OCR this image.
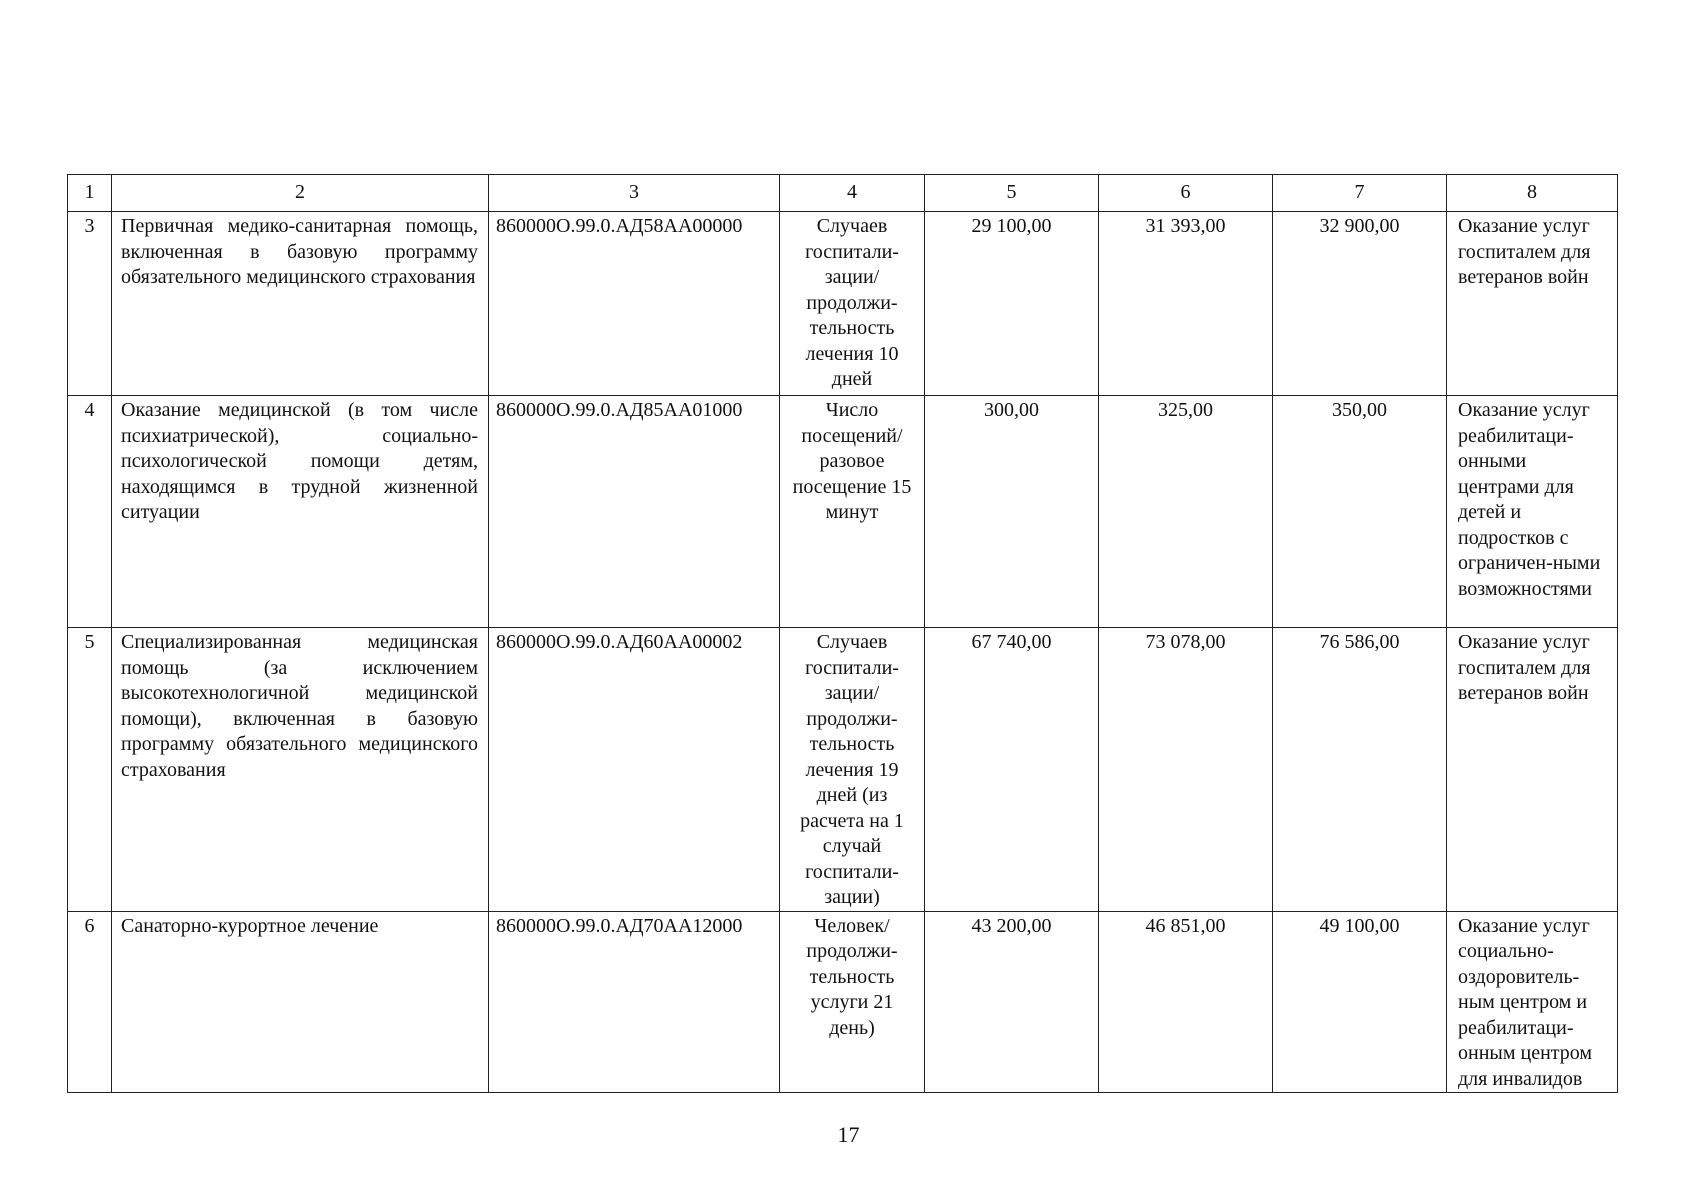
1	2	3	4	5	6	7	8
3	Первичная медико-санитарная помощь, включенная в базовую программу обязательного медицинского страхования	860000О.99.0.АД58АА00000	Случаев госпитали-зации/ продолжи-тельность лечения 10 дней	29 100,00	31 393,00	32 900,00	Оказание услуг госпиталем для ветеранов войн
4	Оказание медицинской (в том числе психиатрической), социально-психологической помощи детям, находящимся в трудной жизненной ситуации	860000О.99.0.АД85АА01000	Число посещений/ разовое посещение 15 минут	300,00	325,00	350,00	Оказание услуг реабилитаци-онными центрами для детей и подростков с ограничен-ными возможностями
5	Специализированная медицинская помощь (за исключением высокотехнологичной медицинской помощи), включенная в базовую программу обязательного медицинского страхования	860000О.99.0.АД60АА00002	Случаев госпитали-зации/ продолжи-тельность лечения 19 дней (из расчета на 1 случай госпитали-зации)	67 740,00	73 078,00	76 586,00	Оказание услуг госпиталем для ветеранов войн
6	Санаторно-курортное лечение	860000О.99.0.АД70АА12000	Человек/ продолжи-тельность услуги 21 день)	43 200,00	46 851,00	49 100,00	Оказание услуг социально-оздоровитель-ным центром и реабилитаци-онным центром для инвалидов
17
